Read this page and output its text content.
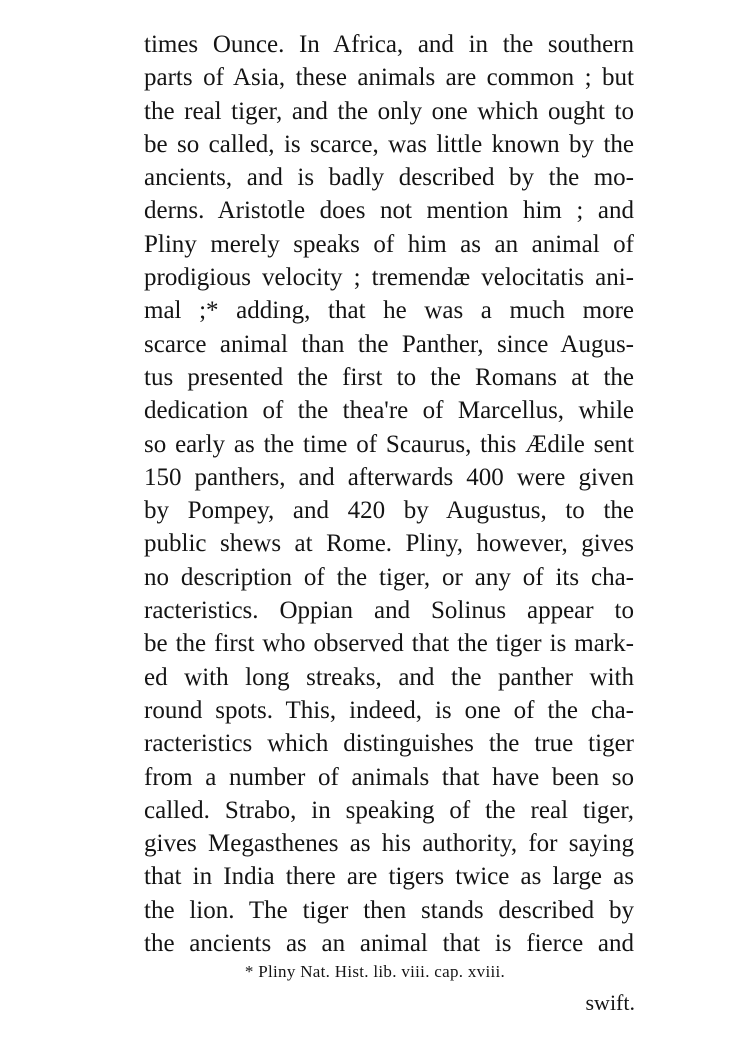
times Ounce. In Africa, and in the southern
parts of Asia, these animals are common ; but
the real tiger, and the only one which ought to
be so called, is scarce, was little known by the
ancients, and is badly described by the mo-
derns. Aristotle does not mention him ; and
Pliny merely speaks of him as an animal of
prodigious velocity ; tremendæ velocitatis ani-
mal ;* adding, that he was a much more
scarce animal than the Panther, since Augus-
tus presented the first to the Romans at the
dedication of the thea're of Marcellus, while
so early as the time of Scaurus, this Ædile sent
150 panthers, and afterwards 400 were given
by Pompey, and 420 by Augustus, to the
public shews at Rome. Pliny, however, gives
no description of the tiger, or any of its cha-
racteristics. Oppian and Solinus appear to
be the first who observed that the tiger is mark-
ed with long streaks, and the panther with
round spots. This, indeed, is one of the cha-
racteristics which distinguishes the true tiger
from a number of animals that have been so
called. Strabo, in speaking of the real tiger,
gives Megasthenes as his authority, for saying
that in India there are tigers twice as large as
the lion. The tiger then stands described by
the ancients as an animal that is fierce and
* Pliny Nat. Hist. lib. viii. cap. xviii.
swift.
